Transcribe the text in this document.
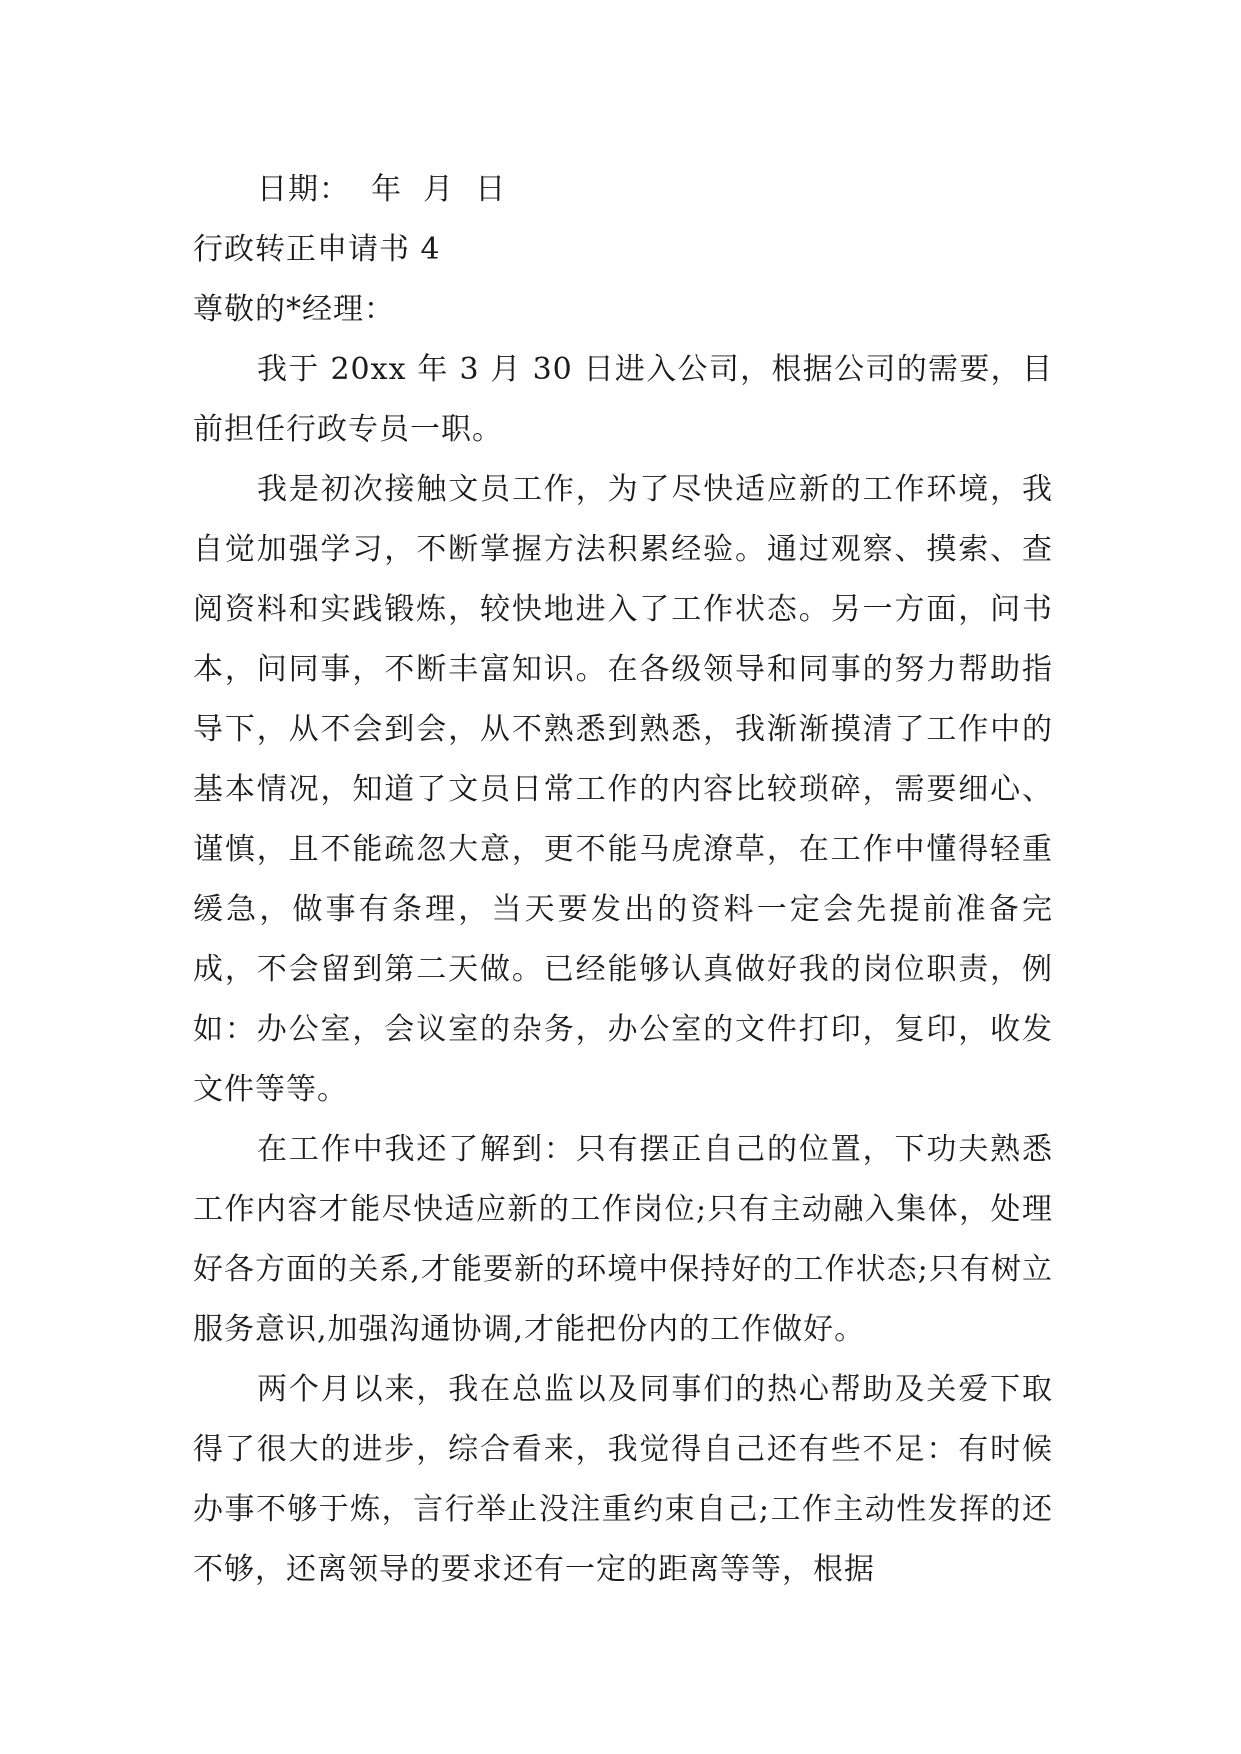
日期：  年  月  日

行政转正申请书 4

尊敬的*经理：

我于 20xx 年 3 月 30 日进入公司，根据公司的需要，目前担任行政专员一职。

我是初次接触文员工作，为了尽快适应新的工作环境，我自觉加强学习，不断掌握方法积累经验。通过观察、摸索、查阅资料和实践锻炼，较快地进入了工作状态。另一方面，问书本，问同事，不断丰富知识。在各级领导和同事的努力帮助指导下，从不会到会，从不熟悉到熟悉，我渐渐摸清了工作中的基本情况，知道了文员日常工作的内容比较琐碎，需要细心、谨慎，且不能疏忽大意，更不能马虎潦草，在工作中懂得轻重缓急，做事有条理，当天要发出的资料一定会先提前准备完成，不会留到第二天做。已经能够认真做好我的岗位职责，例如：办公室，会议室的杂务，办公室的文件打印，复印，收发文件等等。

在工作中我还了解到：只有摆正自己的位置，下功夫熟悉工作内容才能尽快适应新的工作岗位;只有主动融入集体，处理好各方面的关系,才能要新的环境中保持好的工作状态;只有树立服务意识,加强沟通协调,才能把份内的工作做好。

两个月以来，我在总监以及同事们的热心帮助及关爱下取得了很大的进步，综合看来，我觉得自己还有些不足：有时候办事不够于炼，言行举止没注重约束自己;工作主动性发挥的还不够，还离领导的要求还有一定的距离等等，根据
